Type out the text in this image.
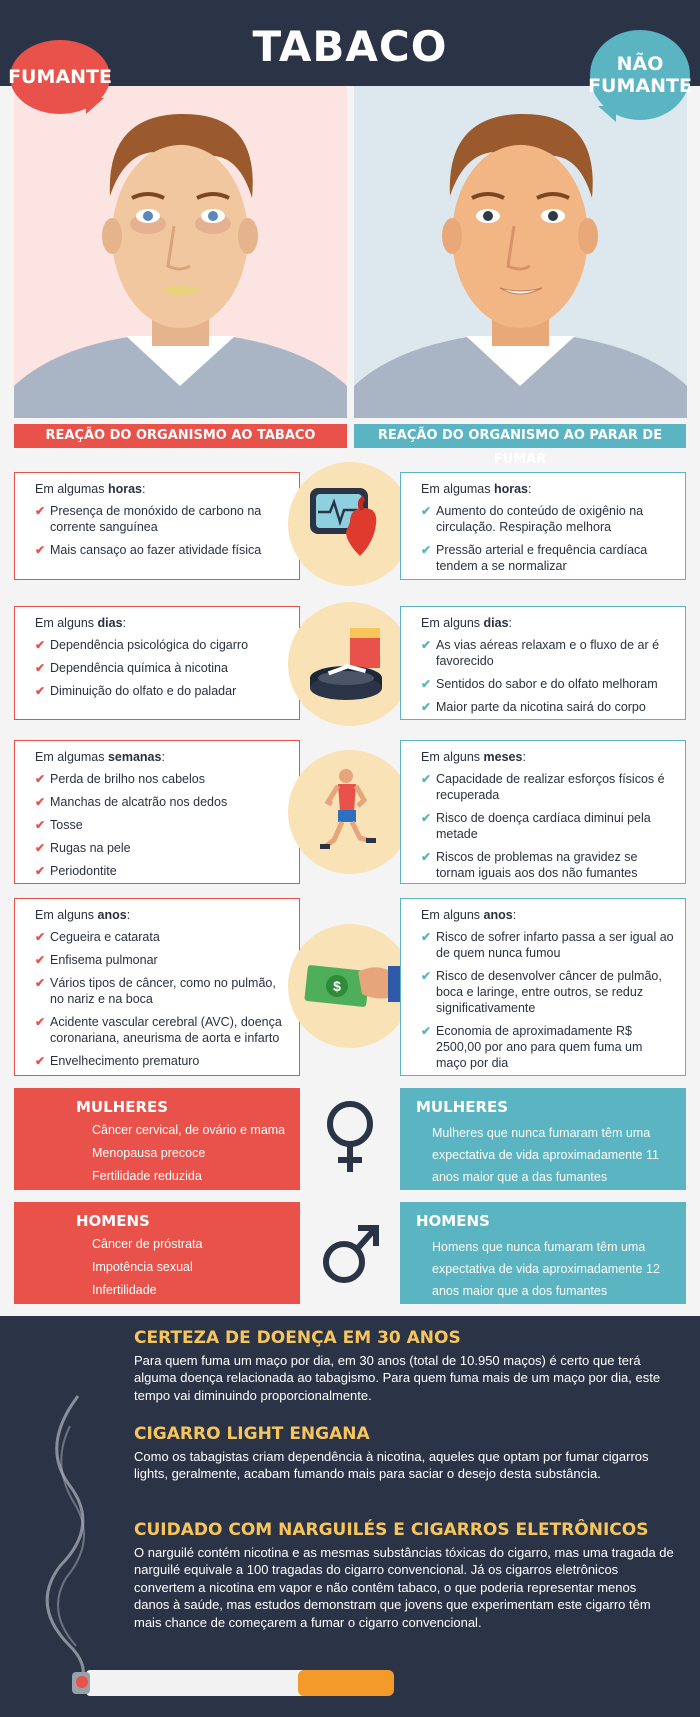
TABACO
FUMANTE
NÃO
FUMANTE
REAÇÃO DO ORGANISMO AO TABACO	REAÇÃO DO ORGANISMO AO PARAR DE FUMAR
Em algumas horas:
✔ Presença de monóxido de carbono na corrente sanguínea
✔ Mais cansaço ao fazer atividade física
Em algumas horas:
✔ Aumento do conteúdo de oxigênio na circulação. Respiração melhora
✔ Pressão arterial e frequência cardíaca tendem a se normalizar
Em alguns dias:
✔ Dependência psicológica do cigarro
✔ Dependência química à nicotina
✔ Diminuição do olfato e do paladar
Em alguns dias:
✔ As vias aéreas relaxam e o fluxo de ar é favorecido
✔ Sentidos do sabor e do olfato melhoram
✔ Maior parte da nicotina sairá do corpo
Em algumas semanas:
✔ Perda de brilho nos cabelos
✔ Manchas de alcatrão nos dedos
✔ Tosse
✔ Rugas na pele
✔ Periodontite
Em alguns meses:
✔ Capacidade de realizar esforços físicos é recuperada
✔ Risco de doença cardíaca diminui pela metade
✔ Riscos de problemas na gravidez se tornam iguais aos dos não fumantes
Em alguns anos:
✔ Cegueira e catarata
✔ Enfisema pulmonar
✔ Vários tipos de câncer, como no pulmão, no nariz e na boca
✔ Acidente vascular cerebral (AVC), doença coronariana, aneurisma de aorta e infarto
✔ Envelhecimento prematuro
$
Em alguns anos:
✔ Risco de sofrer infarto passa a ser igual ao de quem nunca fumou
✔ Risco de desenvolver câncer de pulmão, boca e laringe, entre outros, se reduz significativamente
✔ Economia de aproximadamente R$ 2500,00 por ano para quem fuma um maço por dia
MULHERES
✔ Câncer cervical, de ovário e mama
✔ Menopausa precoce
✔ Fertilidade reduzida
MULHERES
✔ Mulheres que nunca fumaram têm uma expectativa de vida aproximadamente 11 anos maior que a das fumantes
HOMENS
✔ Câncer de próstrata
✔ Impotência sexual
✔ Infertilidade
HOMENS
✔ Homens que nunca fumaram têm uma expectativa de vida aproximadamente 12 anos maior que a dos fumantes
CERTEZA DE DOENÇA EM 30 ANOS
Para quem fuma um maço por dia, em 30 anos (total de 10.950 maços) é certo que terá alguma doença relacionada ao tabagismo. Para quem fuma mais de um maço por dia, este tempo vai diminuindo proporcionalmente.
CIGARRO LIGHT ENGANA
Como os tabagistas criam dependência à nicotina, aqueles que optam por fumar cigarros lights, geralmente, acabam fumando mais para saciar o desejo desta substância.
CUIDADO COM NARGUILÉS E CIGARROS ELETRÔNICOS
O narguilé contém nicotina e as mesmas substâncias tóxicas do cigarro, mas uma tragada de narguilé equivale a 100 tragadas do cigarro convencional. Já os cigarros eletrônicos convertem a nicotina em vapor e não contêm tabaco, o que poderia representar menos danos à saúde, mas estudos demonstram que jovens que experimentam este cigarro têm mais chance de começarem a fumar o cigarro convencional.
